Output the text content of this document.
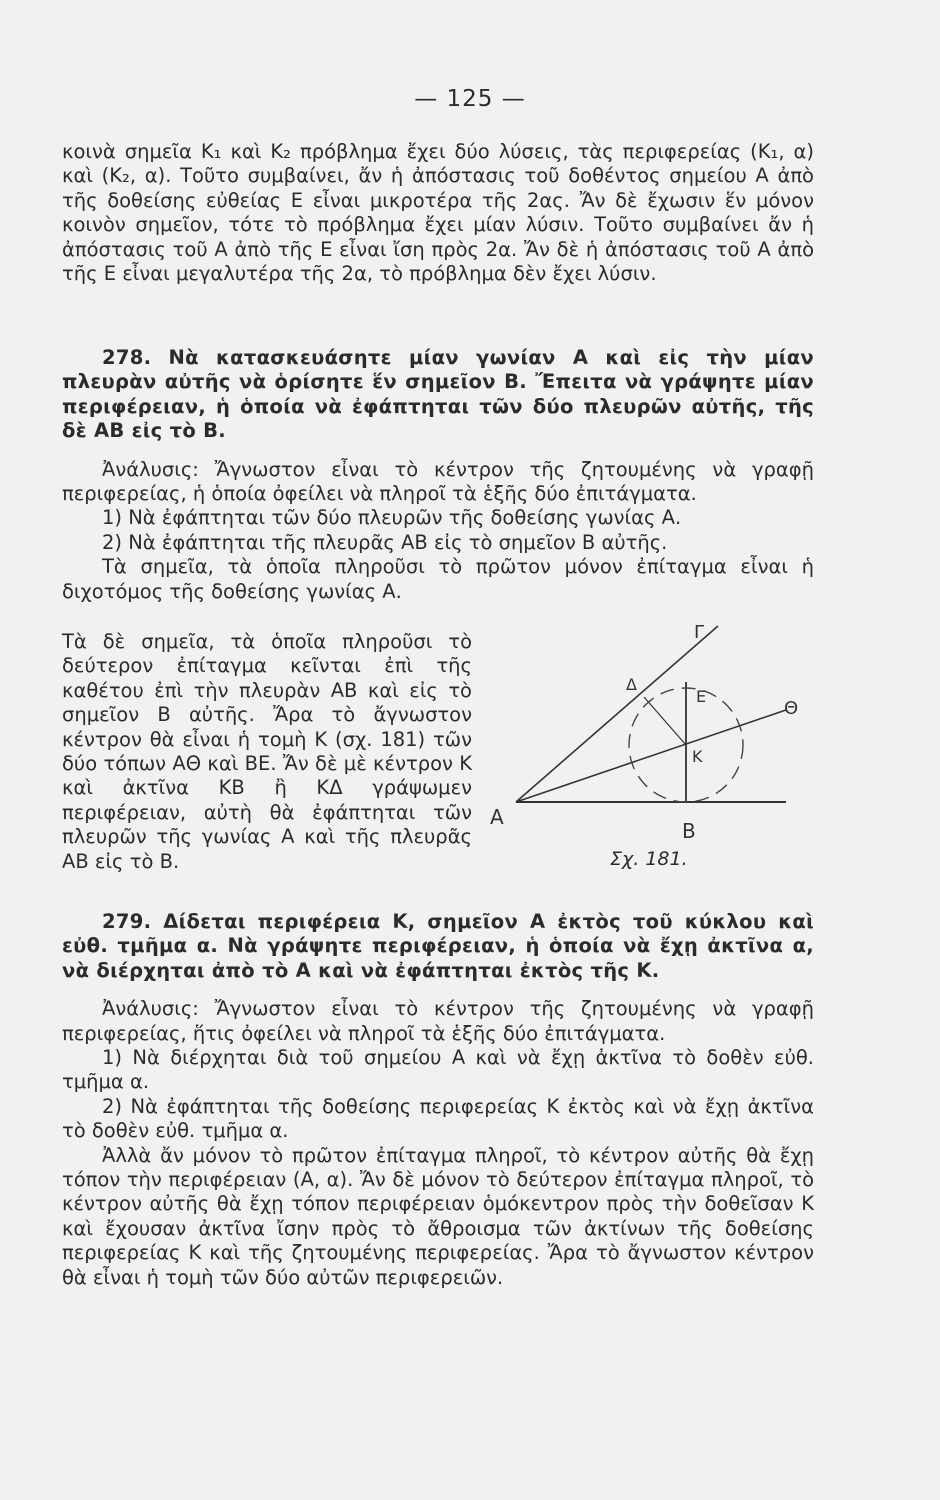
— 125 —

κοινὰ σημεῖα Κ₁ καὶ Κ₂ πρόβλημα ἔχει δύο λύσεις, τὰς περιφερείας (Κ₁, α) καὶ (Κ₂, α). Τοῦτο συμβαίνει, ἄν ἡ ἀπόστασις τοῦ δοθέντος σημείου Α ἀπὸ τῆς δοθείσης εὐθείας Ε εἶναι μικροτέρα τῆς 2ας. Ἄν δὲ ἔχωσιν ἕν μόνον κοινὸν σημεῖον, τότε τὸ πρόβλημα ἔχει μίαν λύσιν. Τοῦτο συμβαίνει ἄν ἡ ἀπόστασις τοῦ Α ἀπὸ τῆς Ε εἶναι ἴση πρὸς 2α. Ἄν δὲ ἡ ἀπόστασις τοῦ Α ἀπὸ τῆς Ε εἶναι μεγαλυτέρα τῆς 2α, τὸ πρόβλημα δὲν ἔχει λύσιν.

278. Νὰ κατασκευάσητε μίαν γωνίαν Α καὶ εἰς τὴν μίαν πλευρὰν αὐτῆς νὰ ὁρίσητε ἕν σημεῖον Β. Ἔπειτα νὰ γράψητε μίαν περιφέρειαν, ἡ ὁποία νὰ ἐφάπτηται τῶν δύο πλευρῶν αὐτῆς, τῆς δὲ ΑΒ εἰς τὸ Β.

Ἀνάλυσις: Ἄγνωστον εἶναι τὸ κέντρον τῆς ζητουμένης νὰ γραφῇ περιφερείας, ἡ ὁποία ὀφείλει νὰ πληροῖ τὰ ἑξῆς δύο ἐπιτάγματα.

1) Νὰ ἐφάπτηται τῶν δύο πλευρῶν τῆς δοθείσης γωνίας Α.

2) Νὰ ἐφάπτηται τῆς πλευρᾶς ΑΒ εἰς τὸ σημεῖον Β αὐτῆς.

Τὰ σημεῖα, τὰ ὁποῖα πληροῦσι τὸ πρῶτον μόνον ἐπίταγμα εἶναι ἡ διχοτόμος τῆς δοθείσης γωνίας Α.

Τὰ δὲ σημεῖα, τὰ ὁποῖα πληροῦσι τὸ δεύτερον ἐπίταγμα κεῖνται ἐπὶ τῆς καθέτου ἐπὶ τὴν πλευρὰν ΑΒ καὶ εἰς τὸ σημεῖον Β αὐτῆς. Ἄρα τὸ ἄγνωστον κέντρον θὰ εἶναι ἡ τομὴ Κ (σχ. 181) τῶν δύο τόπων ΑΘ καὶ ΒΕ. Ἄν δὲ μὲ κέντρον Κ καὶ ἀκτῖνα ΚΒ ἢ ΚΔ γράψωμεν περιφέρειαν, αὐτὴ θὰ ἐφάπτηται τῶν πλευρῶν τῆς γωνίας Α καὶ τῆς πλευρᾶς ΑΒ εἰς τὸ Β.

A
B
Γ
Δ
Ε
Κ
Θ
Σχ. 181.

279. Δίδεται περιφέρεια Κ, σημεῖον Α ἐκτὸς τοῦ κύκλου καὶ εὐθ. τμῆμα α. Νὰ γράψητε περιφέρειαν, ἡ ὁποία νὰ ἔχῃ ἀκτῖνα α, νὰ διέρχηται ἀπὸ τὸ Α καὶ νὰ ἐφάπτηται ἐκτὸς τῆς Κ.

Ἀνάλυσις: Ἄγνωστον εἶναι τὸ κέντρον τῆς ζητουμένης νὰ γραφῇ περιφερείας, ἥτις ὀφείλει νὰ πληροῖ τὰ ἑξῆς δύο ἐπιτάγματα.

1) Νὰ διέρχηται διὰ τοῦ σημείου Α καὶ νὰ ἔχῃ ἀκτῖνα τὸ δοθὲν εὐθ. τμῆμα α.

2) Νὰ ἐφάπτηται τῆς δοθείσης περιφερείας Κ ἐκτὸς καὶ νὰ ἔχῃ ἀκτῖνα τὸ δοθὲν εὐθ. τμῆμα α.

Ἀλλὰ ἄν μόνον τὸ πρῶτον ἐπίταγμα πληροῖ, τὸ κέντρον αὐτῆς θὰ ἔχῃ τόπον τὴν περιφέρειαν (Α, α). Ἄν δὲ μόνον τὸ δεύτερον ἐπίταγμα πληροῖ, τὸ κέντρον αὐτῆς θὰ ἔχῃ τόπον περιφέρειαν ὁμόκεντρον πρὸς τὴν δοθεῖσαν Κ καὶ ἔχουσαν ἀκτῖνα ἴσην πρὸς τὸ ἄθροισμα τῶν ἀκτίνων τῆς δοθείσης περιφερείας Κ καὶ τῆς ζητουμένης περιφερείας. Ἄρα τὸ ἄγνωστον κέντρον θὰ εἶναι ἡ τομὴ τῶν δύο αὐτῶν περιφερειῶν.
